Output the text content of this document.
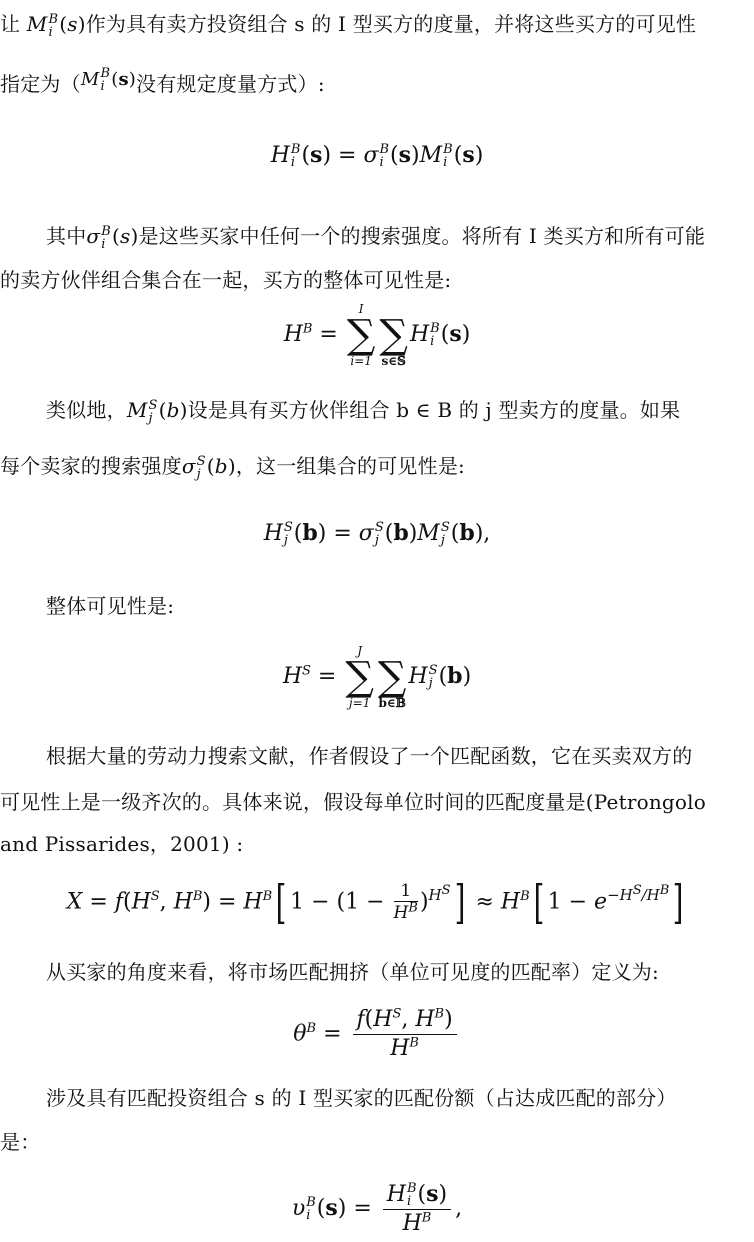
让 M B
i (s)作为具有卖方投资组合 s 的 I 型买方的度量，并将这些买方的可见性
指定为（M B
i (s)没有规定度量方式）:
H B
i (s) = σ B
i (s)M B
i (s)
其中σ B
i (s)是这些买家中任何一个的搜索强度。将所有 I 类买方和所有可能
的卖方伙伴组合集合在一起，买方的整体可见性是:
$H^B$ =
I
∑
i=1

∑
s∈𝕊
H B
i (s)
类似地，M S
j (b)设是具有买方伙伴组合 b ∈ B 的 j 型卖方的度量。如果
每个卖家的搜索强度σ S
j (b)，这一组集合的可见性是:
H S
j (b) = σ S
j (b)M S
j (b),
整体可见性是:
$H^S$ =
J
∑
j=1

∑
b∈𝔹
H S
j (b)
根据大量的劳动力搜索文献，作者假设了一个匹配函数，它在买卖双方的
可见性上是一级齐次的。具体来说，假设每单位时间的匹配度量是(Petrongolo
and Pissarides，2001) :
$X = f(H^S$, $H^B) = H^B$[ $1 - (1 - \frac{1}{H^B} )H^S] \approx H^B$[ $1 - e-H^S/H^B$]
从买家的角度来看，将市场匹配拥挤（单位可见度的匹配率）定义为:
$\theta^B = \frac{f(H^S, H^B)}{H^B}$
涉及具有匹配投资组合 s 的 I 型买家的匹配份额（占达成匹配的部分）
是：
υ B
i (s) = H B
i (s)
$H^B$ ,
